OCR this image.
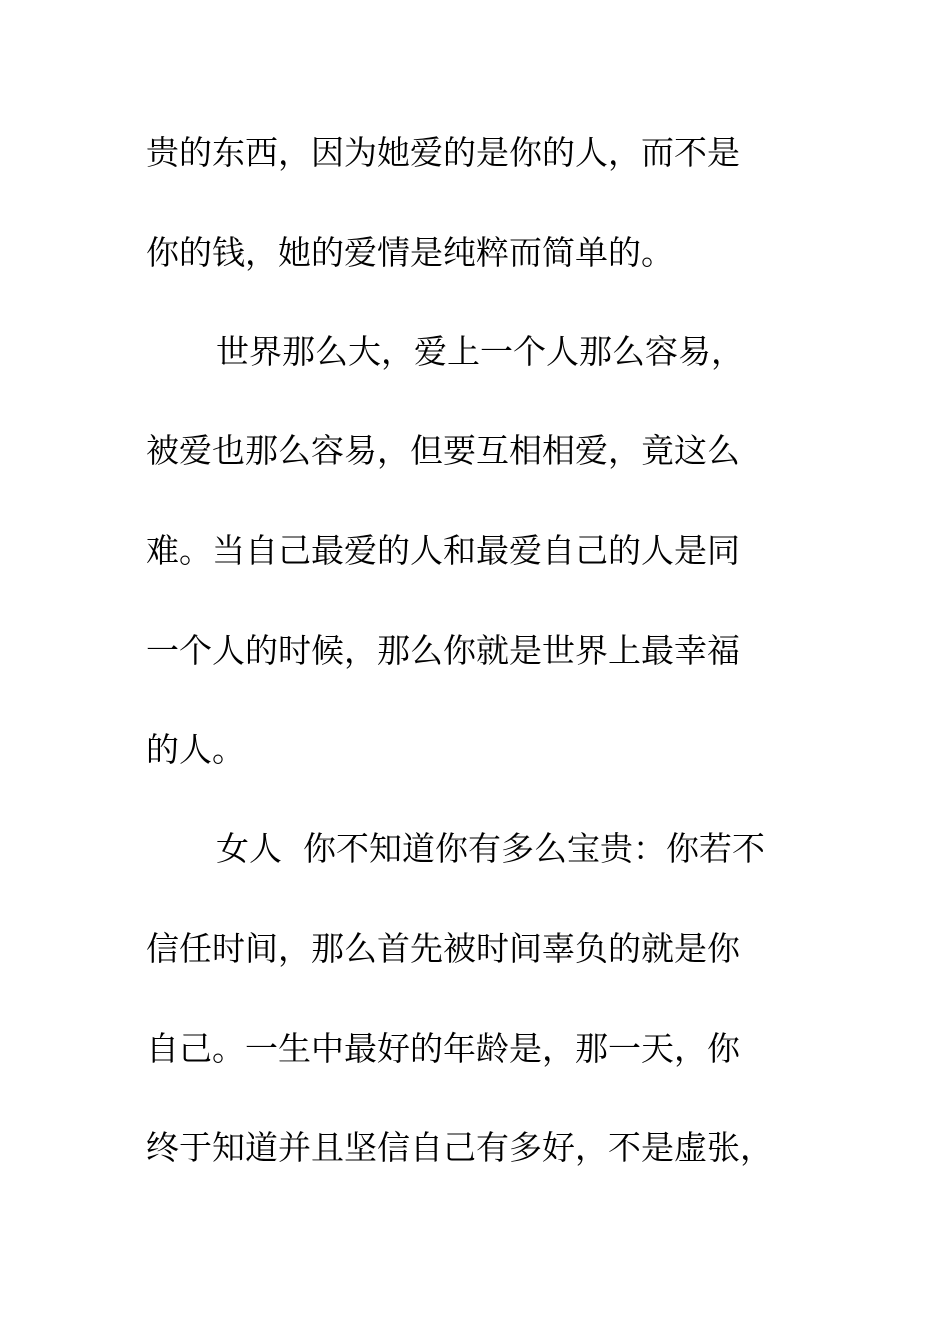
贵的东西，因为她爱的是你的人，而不是
你的钱，她的爱情是纯粹而简单的。
世界那么大，爱上一个人那么容易，
被爱也那么容易，但要互相相爱，竟这么
难。当自己最爱的人和最爱自己的人是同
一个人的时候，那么你就是世界上最幸福
的人。
女人  你不知道你有多么宝贵：你若不
信任时间，那么首先被时间辜负的就是你
自己。一生中最好的年龄是，那一天，你
终于知道并且坚信自己有多好，不是虚张，
